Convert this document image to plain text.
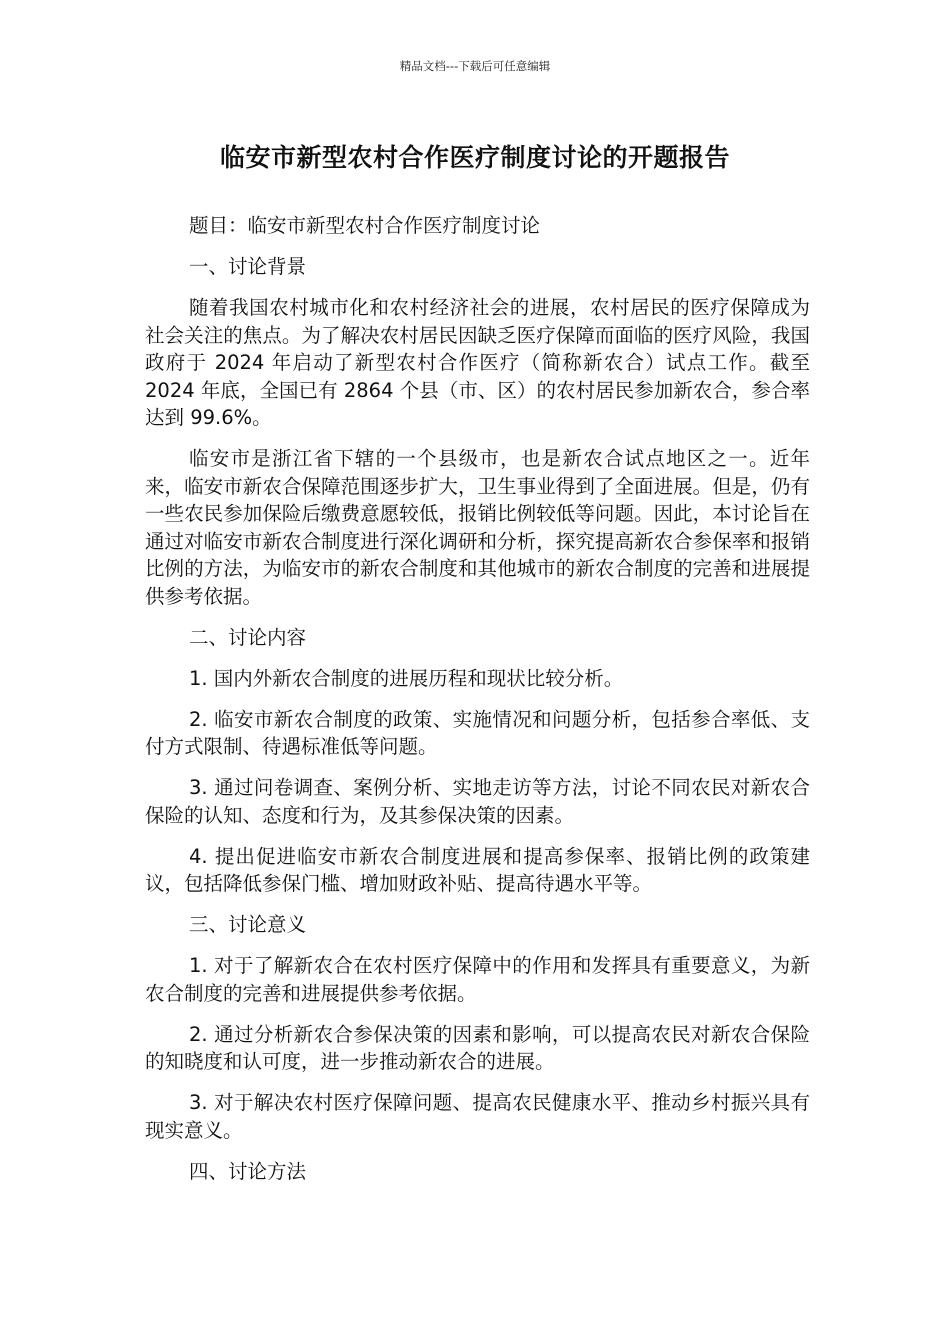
精品文档---下载后可任意编辑
临安市新型农村合作医疗制度讨论的开题报告

题目：临安市新型农村合作医疗制度讨论

一、讨论背景

随着我国农村城市化和农村经济社会的进展，农村居民的医疗保障成为社会关注的焦点。为了解决农村居民因缺乏医疗保障而面临的医疗风险，我国政府于 2024 年启动了新型农村合作医疗（简称新农合）试点工作。截至 2024 年底，全国已有 2864 个县（市、区）的农村居民参加新农合，参合率达到 99.6%。

临安市是浙江省下辖的一个县级市，也是新农合试点地区之一。近年来，临安市新农合保障范围逐步扩大，卫生事业得到了全面进展。但是，仍有一些农民参加保险后缴费意愿较低，报销比例较低等问题。因此，本讨论旨在通过对临安市新农合制度进行深化调研和分析，探究提高新农合参保率和报销比例的方法，为临安市的新农合制度和其他城市的新农合制度的完善和进展提供参考依据。

二、讨论内容

1. 国内外新农合制度的进展历程和现状比较分析。

2. 临安市新农合制度的政策、实施情况和问题分析，包括参合率低、支付方式限制、待遇标准低等问题。

3. 通过问卷调查、案例分析、实地走访等方法，讨论不同农民对新农合保险的认知、态度和行为，及其参保决策的因素。

4. 提出促进临安市新农合制度进展和提高参保率、报销比例的政策建议，包括降低参保门槛、增加财政补贴、提高待遇水平等。

三、讨论意义

1. 对于了解新农合在农村医疗保障中的作用和发挥具有重要意义，为新农合制度的完善和进展提供参考依据。

2. 通过分析新农合参保决策的因素和影响，可以提高农民对新农合保险的知晓度和认可度，进一步推动新农合的进展。

3. 对于解决农村医疗保障问题、提高农民健康水平、推动乡村振兴具有现实意义。

四、讨论方法
